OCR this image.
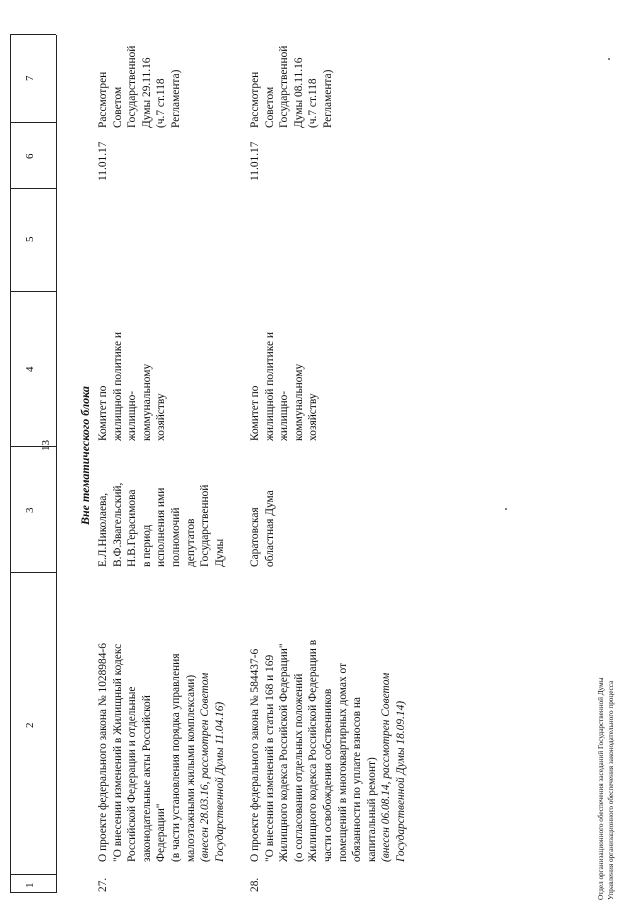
1
2
3
4
5
6
7
Вне тематического блока
27.
О проекте федерального закона № 1028984-6 "О внесении изменений в Жилищный кодекс Российской Федерации и отдельные законодательные акты Российской Федерации" (в части установления порядка управления малоэтажными жилыми комплексами) (внесен 28.03.16, рассмотрен Советом Государственной Думы 11.04.16)
Е.Л.Николаева, В.Ф.Звагельский, Н.В.Герасимова в период исполнения ими полномочий депутатов Государственной Думы
Комитет по жилищной политике и жилищно- коммунальному хозяйству
11.01.17
Рассмотрен Советом Государственной Думы 29.11.16 (ч.7 ст.118 Регламента)
28.
О проекте федерального закона № 584437-6 "О внесении изменений в статьи 168 и 169 Жилищного кодекса Российской Федерации" (о согласовании отдельных положений Жилищного кодекса Российской Федерации в части освобождения собственников помещений в многоквартирных домах от обязанности по уплате взносов на капитальный ремонт) (внесен 06.08.14, рассмотрен Советом Государственной Думы 18.09.14)
Саратовская областная Дума
Комитет по жилищной политике и жилищно- коммунальному хозяйству
11.01.17
Рассмотрен Советом Государственной Думы 08.11.16 (ч.7 ст.118 Регламента)
Отдел организационного обеспечения заседаний Государственной Думы Управления организационного обеспечения законодательного процесса
